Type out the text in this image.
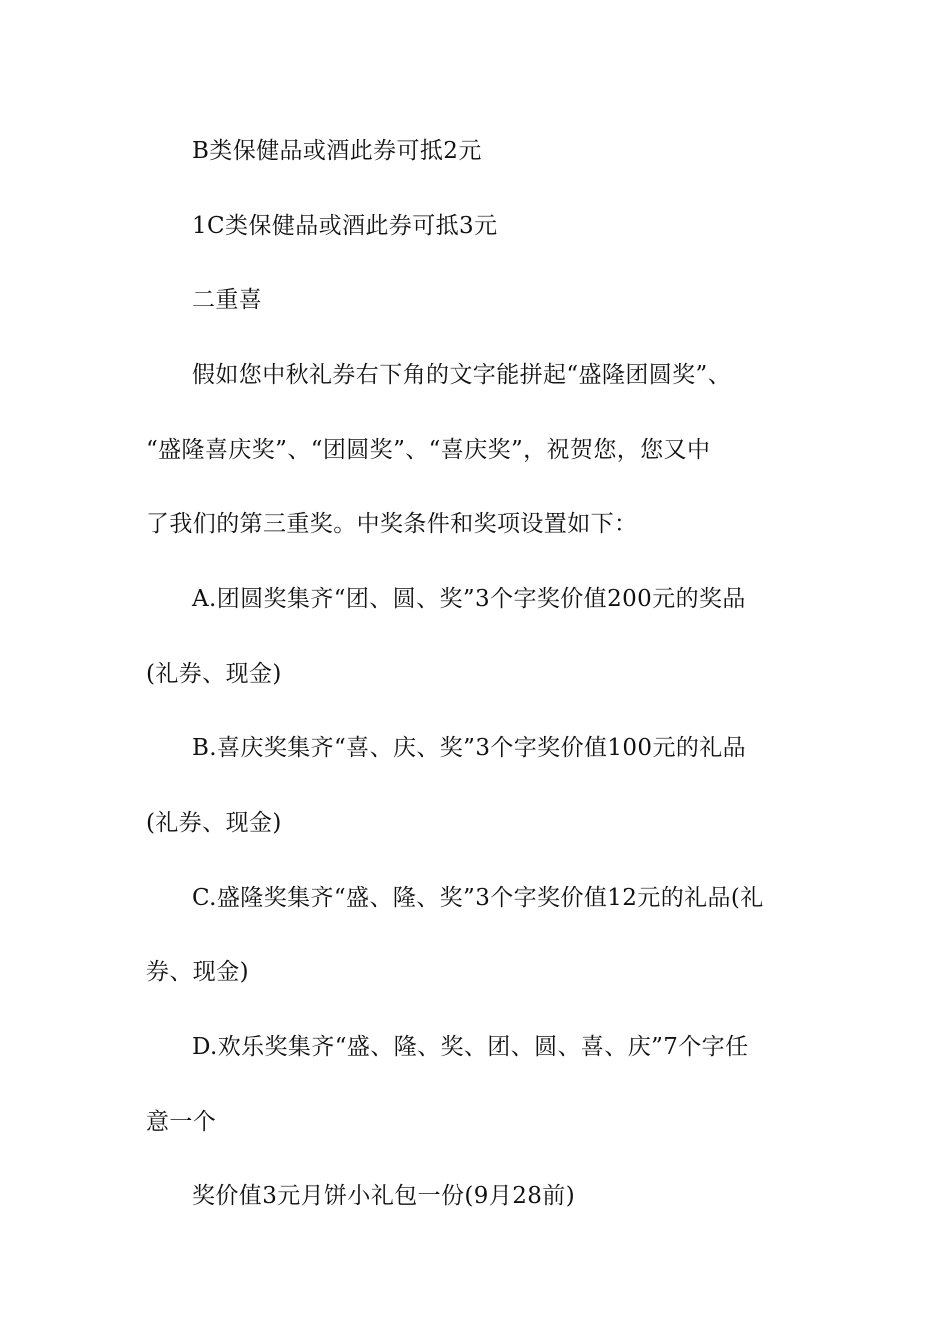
B类保健品或酒此券可抵2元
1C类保健品或酒此券可抵3元
二重喜
假如您中秋礼券右下角的文字能拼起“盛隆团圆奖”、
“盛隆喜庆奖”、“团圆奖”、“喜庆奖”，祝贺您，您又中
了我们的第三重奖。中奖条件和奖项设置如下：
A.团圆奖集齐“团、圆、奖”3个字奖价值200元的奖品
(礼券、现金)
B.喜庆奖集齐“喜、庆、奖”3个字奖价值100元的礼品
(礼券、现金)
C.盛隆奖集齐“盛、隆、奖”3个字奖价值12元的礼品(礼
券、现金)
D.欢乐奖集齐“盛、隆、奖、团、圆、喜、庆”7个字任
意一个
奖价值3元月饼小礼包一份(9月28前)
